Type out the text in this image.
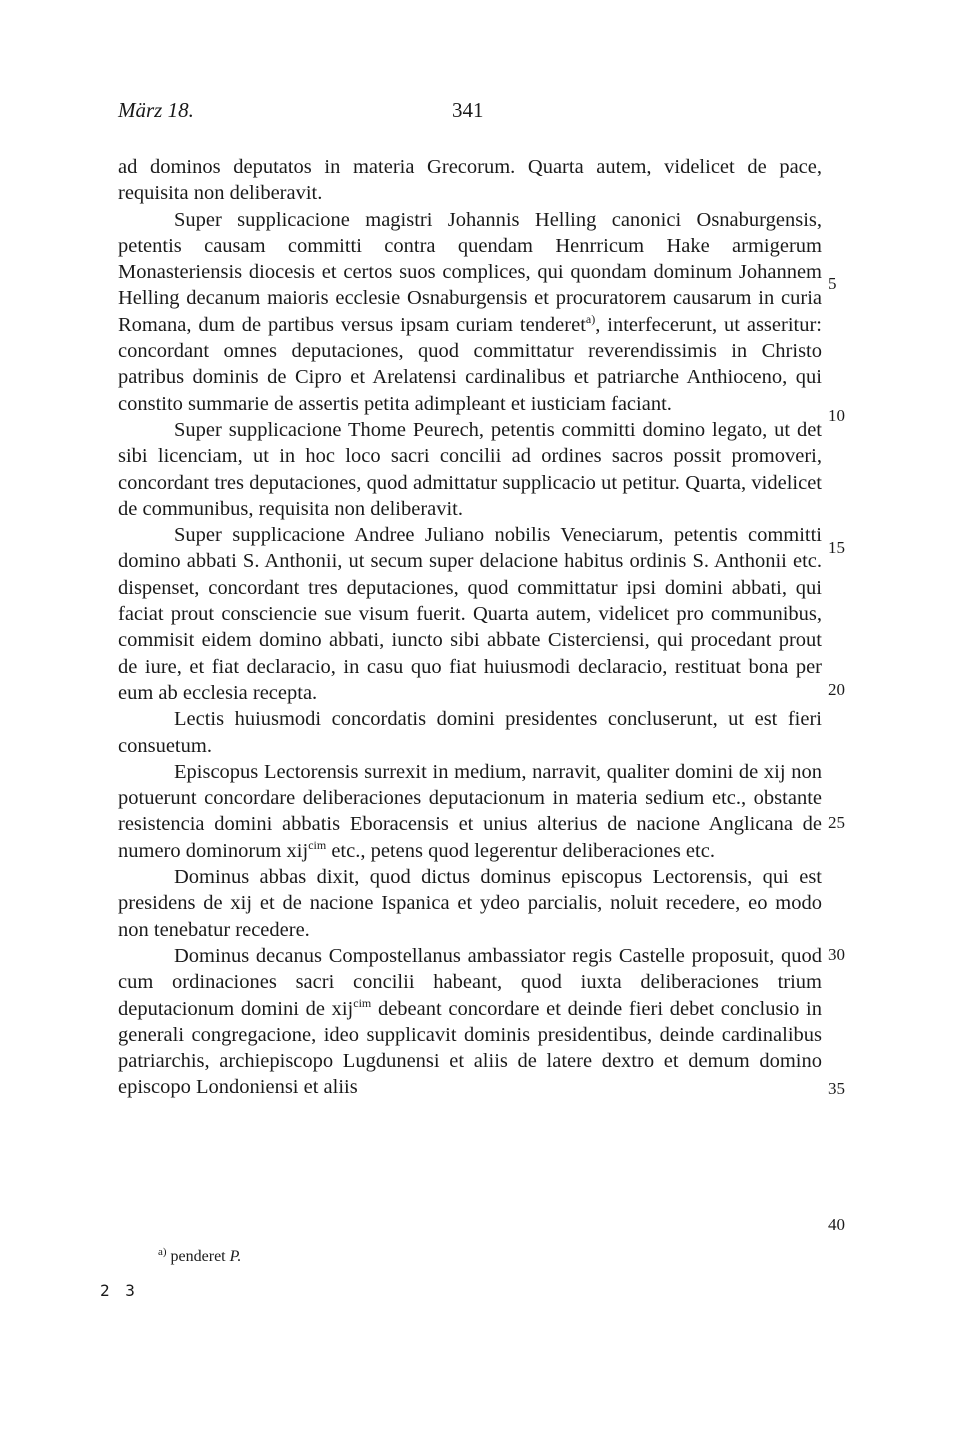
März 18.	341

ad dominos deputatos in materia Grecorum. Quarta autem, videlicet de pace, requisita non deliberavit.

Super supplicacione magistri Johannis Helling canonici Osnaburgensis, petentis causam committi contra quendam Henrricum Hake armigerum Monasteriensis diocesis et certos suos complices, qui quondam dominum Johannem Helling decanum maioris ecclesie Osnaburgensis et procuratorem causarum in curia Romana, dum de partibus versus ipsam curiam tenderet$^{a)}$, interfecerunt, ut asseritur: concordant omnes deputaciones, quod committatur reverendissimis in Christo patribus dominis de Cipro et Arelatensi cardinalibus et patriarche Anthioceno, qui constito summarie de assertis petita adimpleant et iusticiam faciant.

Super supplicacione Thome Peurech, petentis committi domino legato, ut det sibi licenciam, ut in hoc loco sacri concilii ad ordines sacros possit promoveri, concordant tres deputaciones, quod admittatur supplicacio ut petitur. Quarta, videlicet de communibus, requisita non deliberavit.

Super supplicacione Andree Juliano nobilis Veneciarum, petentis committi domino abbati S. Anthonii, ut secum super delacione habitus ordinis S. Anthonii etc. dispenset, concordant tres deputaciones, quod committatur ipsi domini abbati, qui faciat prout consciencie sue visum fuerit. Quarta autem, videlicet pro communibus, commisit eidem domino abbati, iuncto sibi abbate Cisterciensi, qui procedant prout de iure, et fiat declaracio, in casu quo fiat huiusmodi declaracio, restituat bona per eum ab ecclesia recepta.

Lectis huiusmodi concordatis domini presidentes concluserunt, ut est fieri consuetum.

Episcopus Lectorensis surrexit in medium, narravit, qualiter domini de xij non potuerunt concordare deliberaciones deputacionum in materia sedium etc., obstante resistencia domini abbatis Eboracensis et unius alterius de nacione Anglicana de numero dominorum xij$^{cim}$ etc., petens quod legerentur deliberaciones etc.

Dominus abbas dixit, quod dictus dominus episcopus Lectorensis, qui est presidens de xij et de nacione Ispanica et ydeo parcialis, noluit recedere, eo modo non tenebatur recedere.

Dominus decanus Compostellanus ambassiator regis Castelle proposuit, quod cum ordinaciones sacri concilii habeant, quod iuxta deliberaciones trium deputacionum domini de xij$^{cim}$ debeant concordare et deinde fieri debet conclusio in generali congregacione, ideo supplicavit dominis presidentibus, deinde cardinalibus patriarchis, archiepiscopo Lugdunensi et aliis de latere dextro et demum domino episcopo Londoniensi et aliis

5
10
15
20
25
30
35
40
$^{a)}$ penderet P.
2 3
